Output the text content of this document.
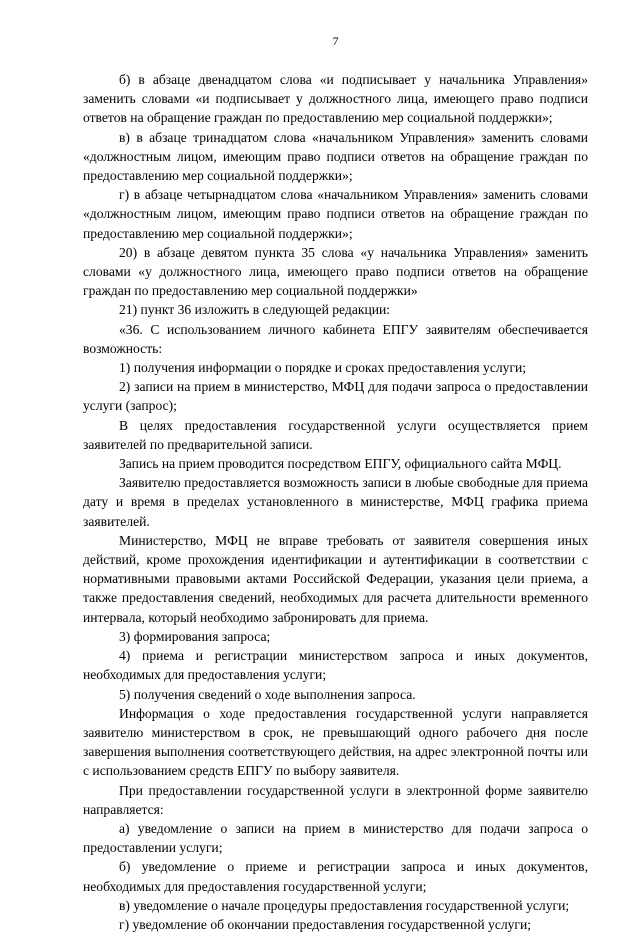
7

б) в абзаце двенадцатом слова «и подписывает у начальника Управления» заменить словами «и подписывает у должностного лица, имеющего право подписи ответов на обращение граждан по предоставлению мер социальной поддержки»;

в) в абзаце тринадцатом слова «начальником Управления» заменить словами «должностным лицом, имеющим право подписи ответов на обращение граждан по предоставлению мер социальной поддержки»;

г) в абзаце четырнадцатом слова «начальником Управления» заменить словами «должностным лицом, имеющим право подписи ответов на обращение граждан по предоставлению мер социальной поддержки»;

20) в абзаце девятом пункта 35 слова «у начальника Управления» заменить словами «у должностного лица, имеющего право подписи ответов на обращение граждан по предоставлению мер социальной поддержки»

21) пункт 36 изложить в следующей редакции:

«36. С использованием личного кабинета ЕПГУ заявителям обеспечивается возможность:

1) получения информации о порядке и сроках предоставления услуги;

2) записи на прием в министерство, МФЦ для подачи запроса о предоставлении услуги (запрос);

В целях предоставления государственной услуги осуществляется прием заявителей по предварительной записи.

Запись на прием проводится посредством ЕПГУ, официального сайта МФЦ.

Заявителю предоставляется возможность записи в любые свободные для приема дату и время в пределах установленного в министерстве, МФЦ графика приема заявителей.

Министерство, МФЦ не вправе требовать от заявителя совершения иных действий, кроме прохождения идентификации и аутентификации в соответствии с нормативными правовыми актами Российской Федерации, указания цели приема, а также предоставления сведений, необходимых для расчета длительности временного интервала, который необходимо забронировать для приема.

3) формирования запроса;

4) приема и регистрации министерством запроса и иных документов, необходимых для предоставления услуги;

5) получения сведений о ходе выполнения запроса.

Информация о ходе предоставления государственной услуги направляется заявителю министерством в срок, не превышающий одного рабочего дня после завершения выполнения соответствующего действия, на адрес электронной почты или с использованием средств ЕПГУ по выбору заявителя.

При предоставлении государственной услуги в электронной форме заявителю направляется:

а) уведомление о записи на прием в министерство для подачи запроса о предоставлении услуги;

б) уведомление о приеме и регистрации запроса и иных документов, необходимых для предоставления государственной услуги;

в) уведомление о начале процедуры предоставления государственной услуги;

г) уведомление об окончании предоставления государственной услуги;
